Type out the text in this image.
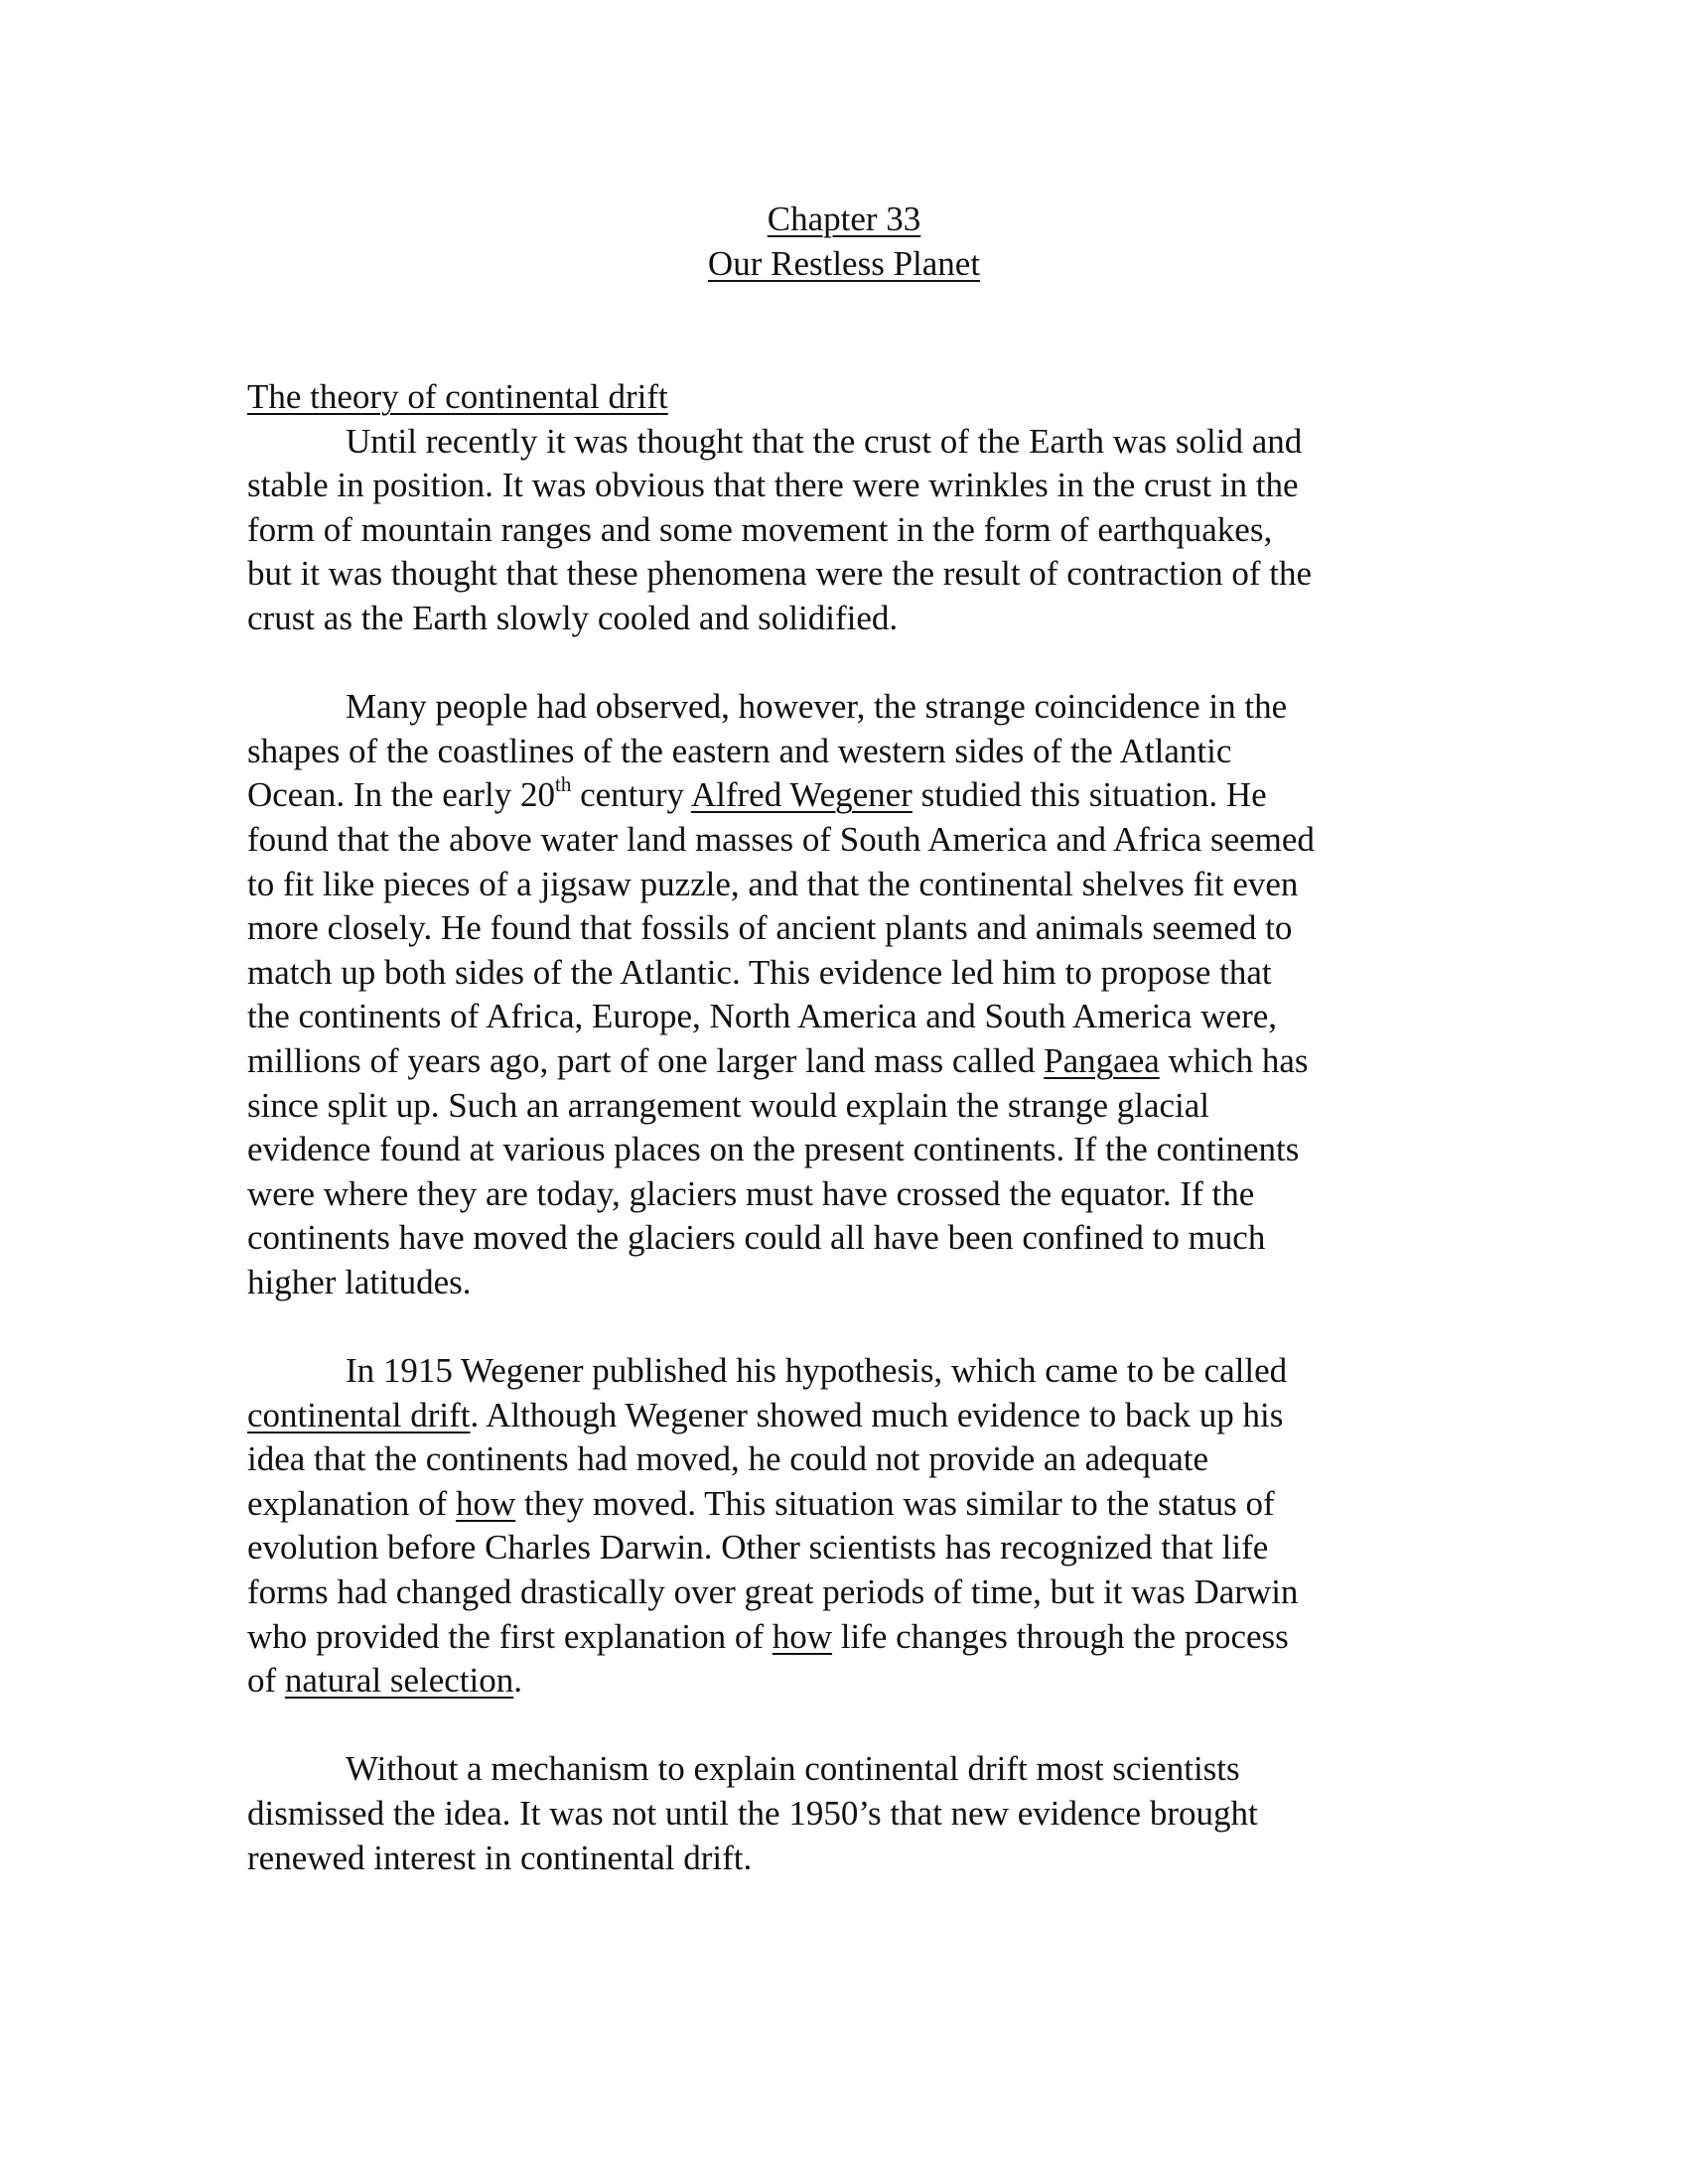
Chapter 33
Our Restless Planet
The theory of continental drift
Until recently it was thought that the crust of the Earth was solid and
stable in position. It was obvious that there were wrinkles in the crust in the
form of mountain ranges and some movement in the form of earthquakes,
but it was thought that these phenomena were the result of contraction of the
crust as the Earth slowly cooled and solidified.
Many people had observed, however, the strange coincidence in the
shapes of the coastlines of the eastern and western sides of the Atlantic
Ocean. In the early 20th century Alfred Wegener studied this situation. He
found that the above water land masses of South America and Africa seemed
to fit like pieces of a jigsaw puzzle, and that the continental shelves fit even
more closely. He found that fossils of ancient plants and animals seemed to
match up both sides of the Atlantic. This evidence led him to propose that
the continents of Africa, Europe, North America and South America were,
millions of years ago, part of one larger land mass called Pangaea which has
since split up. Such an arrangement would explain the strange glacial
evidence found at various places on the present continents. If the continents
were where they are today, glaciers must have crossed the equator. If the
continents have moved the glaciers could all have been confined to much
higher latitudes.
In 1915 Wegener published his hypothesis, which came to be called
continental drift. Although Wegener showed much evidence to back up his
idea that the continents had moved, he could not provide an adequate
explanation of how they moved. This situation was similar to the status of
evolution before Charles Darwin. Other scientists has recognized that life
forms had changed drastically over great periods of time, but it was Darwin
who provided the first explanation of how life changes through the process
of natural selection.
Without a mechanism to explain continental drift most scientists
dismissed the idea. It was not until the 1950’s that new evidence brought
renewed interest in continental drift.
